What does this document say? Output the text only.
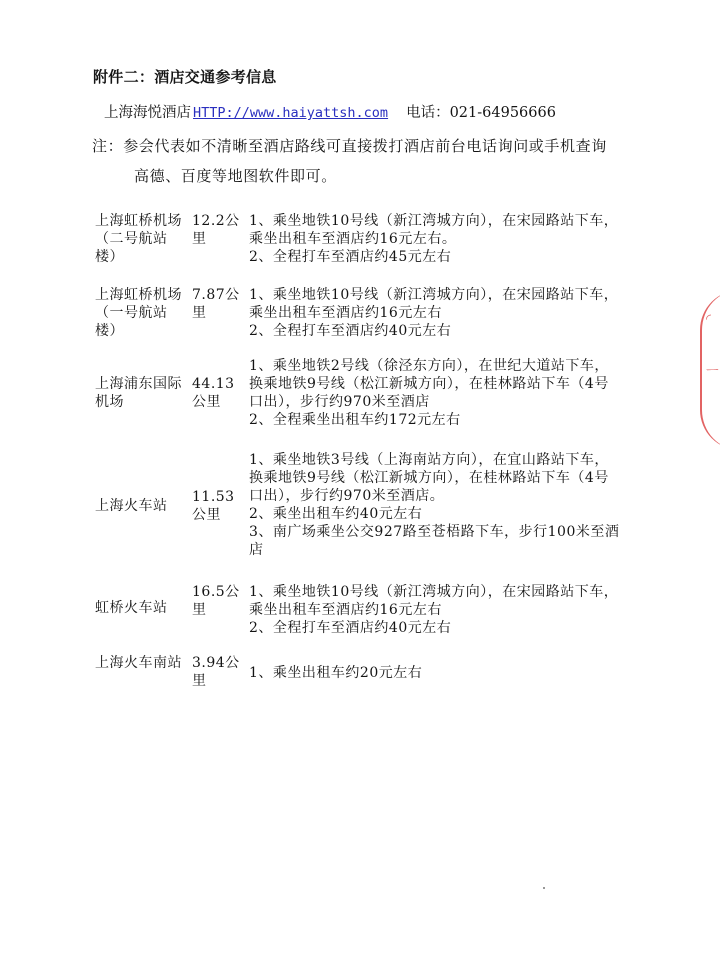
附件二：酒店交通参考信息
上海海悦酒店 HTTP://www.haiyattsh.com 电话：021-64956666
注：参会代表如不清晰至酒店路线可直接拨打酒店前台电话询问或手机查询
高德、百度等地图软件即可。
上海虹桥机场（二号航站楼）
12.2公里
1、乘坐地铁10号线（新江湾城方向），在宋园路站下车，乘坐出租车至酒店约16元左右。
2、全程打车至酒店约45元左右
上海虹桥机场（一号航站楼）
7.87公里
1、乘坐地铁10号线（新江湾城方向），在宋园路站下车，乘坐出租车至酒店约16元左右
2、全程打车至酒店约40元左右
上海浦东国际机场
44.13公里
1、乘坐地铁2号线（徐泾东方向），在世纪大道站下车，换乘地铁9号线（松江新城方向），在桂林路站下车（4号口出），步行约970米至酒店
2、全程乘坐出租车约172元左右
上海火车站
11.53公里
1、乘坐地铁3号线（上海南站方向），在宜山路站下车，换乘地铁9号线（松江新城方向），在桂林路站下车（4号口出），步行约970米至酒店。
2、乘坐出租车约40元左右
3、南广场乘坐公交927路至苍梧路下车，步行100米至酒店
虹桥火车站
16.5公里
1、乘坐地铁10号线（新江湾城方向），在宋园路站下车，乘坐出租车至酒店约16元左右
2、全程打车至酒店约40元左右
上海火车南站 3.94公里	1、乘坐出租车约20元左右
◜
ㅡ
